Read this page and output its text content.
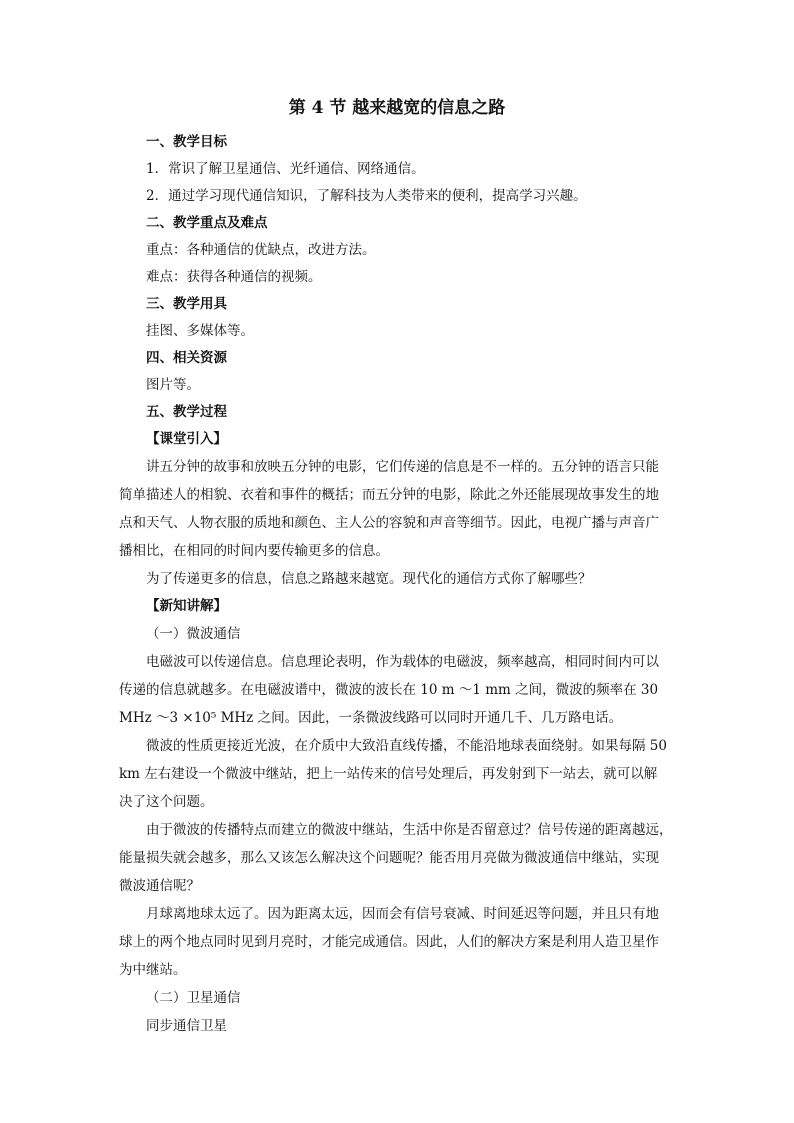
第 4 节 越来越宽的信息之路
一、教学目标
1．常识了解卫星通信、光纤通信、网络通信。
2．通过学习现代通信知识，了解科技为人类带来的便利，提高学习兴趣。
二、教学重点及难点
重点：各种通信的优缺点，改进方法。
难点：获得各种通信的视频。
三、教学用具
挂图、多媒体等。
四、相关资源
图片等。
五、教学过程
【课堂引入】
讲五分钟的故事和放映五分钟的电影，它们传递的信息是不一样的。五分钟的语言只能
简单描述人的相貌、衣着和事件的概括；而五分钟的电影，除此之外还能展现故事发生的地
点和天气、人物衣服的质地和颜色、主人公的容貌和声音等细节。因此，电视广播与声音广
播相比，在相同的时间内要传输更多的信息。
为了传递更多的信息，信息之路越来越宽。现代化的通信方式你了解哪些？
【新知讲解】
（一）微波通信
电磁波可以传递信息。信息理论表明，作为载体的电磁波，频率越高，相同时间内可以
传递的信息就越多。在电磁波谱中，微波的波长在 10 m ～1 mm 之间，微波的频率在 30
MHz ～3 ×10⁵ MHz 之间。因此，一条微波线路可以同时开通几千、几万路电话。
微波的性质更接近光波，在介质中大致沿直线传播，不能沿地球表面绕射。如果每隔 50
km 左右建设一个微波中继站，把上一站传来的信号处理后，再发射到下一站去，就可以解
决了这个问题。
由于微波的传播特点而建立的微波中继站，生活中你是否留意过？信号传递的距离越远，
能量损失就会越多，那么又该怎么解决这个问题呢？能否用月亮做为微波通信中继站，实现
微波通信呢？
月球离地球太远了。因为距离太远，因而会有信号衰减、时间延迟等问题，并且只有地
球上的两个地点同时见到月亮时，才能完成通信。因此，人们的解决方案是利用人造卫星作
为中继站。
（二）卫星通信
同步通信卫星
